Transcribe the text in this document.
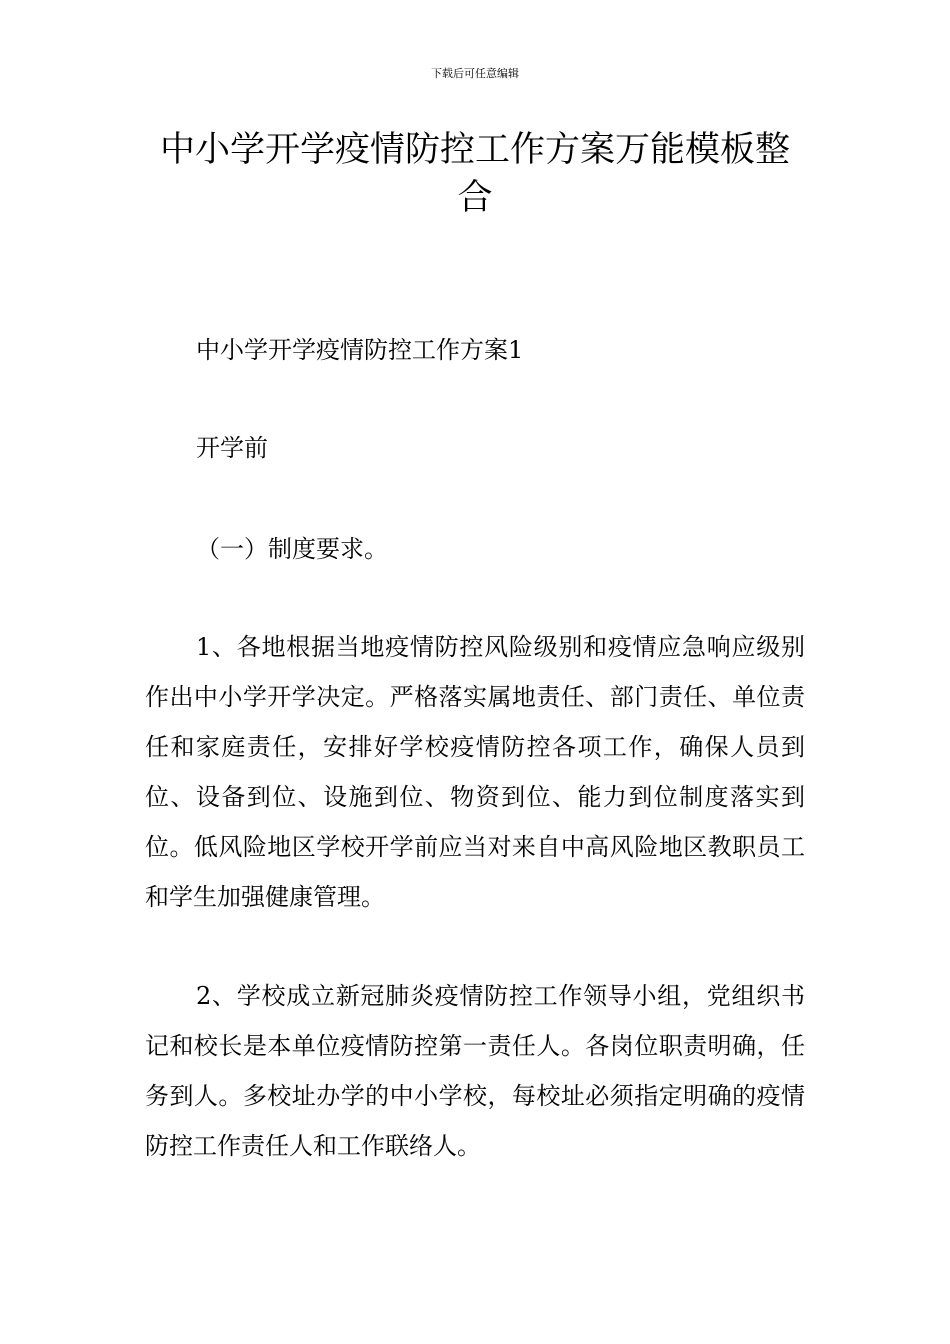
下载后可任意编辑
中小学开学疫情防控工作方案万能模板整合

中小学开学疫情防控工作方案1

开学前

（一）制度要求。

1、各地根据当地疫情防控风险级别和疫情应急响应级别作出中小学开学决定。严格落实属地责任、部门责任、单位责任和家庭责任，安排好学校疫情防控各项工作，确保人员到位、设备到位、设施到位、物资到位、能力到位制度落实到位。低风险地区学校开学前应当对来自中高风险地区教职员工和学生加强健康管理。

2、学校成立新冠肺炎疫情防控工作领导小组，党组织书记和校长是本单位疫情防控第一责任人。各岗位职责明确，任务到人。多校址办学的中小学校，每校址必须指定明确的疫情防控工作责任人和工作联络人。
